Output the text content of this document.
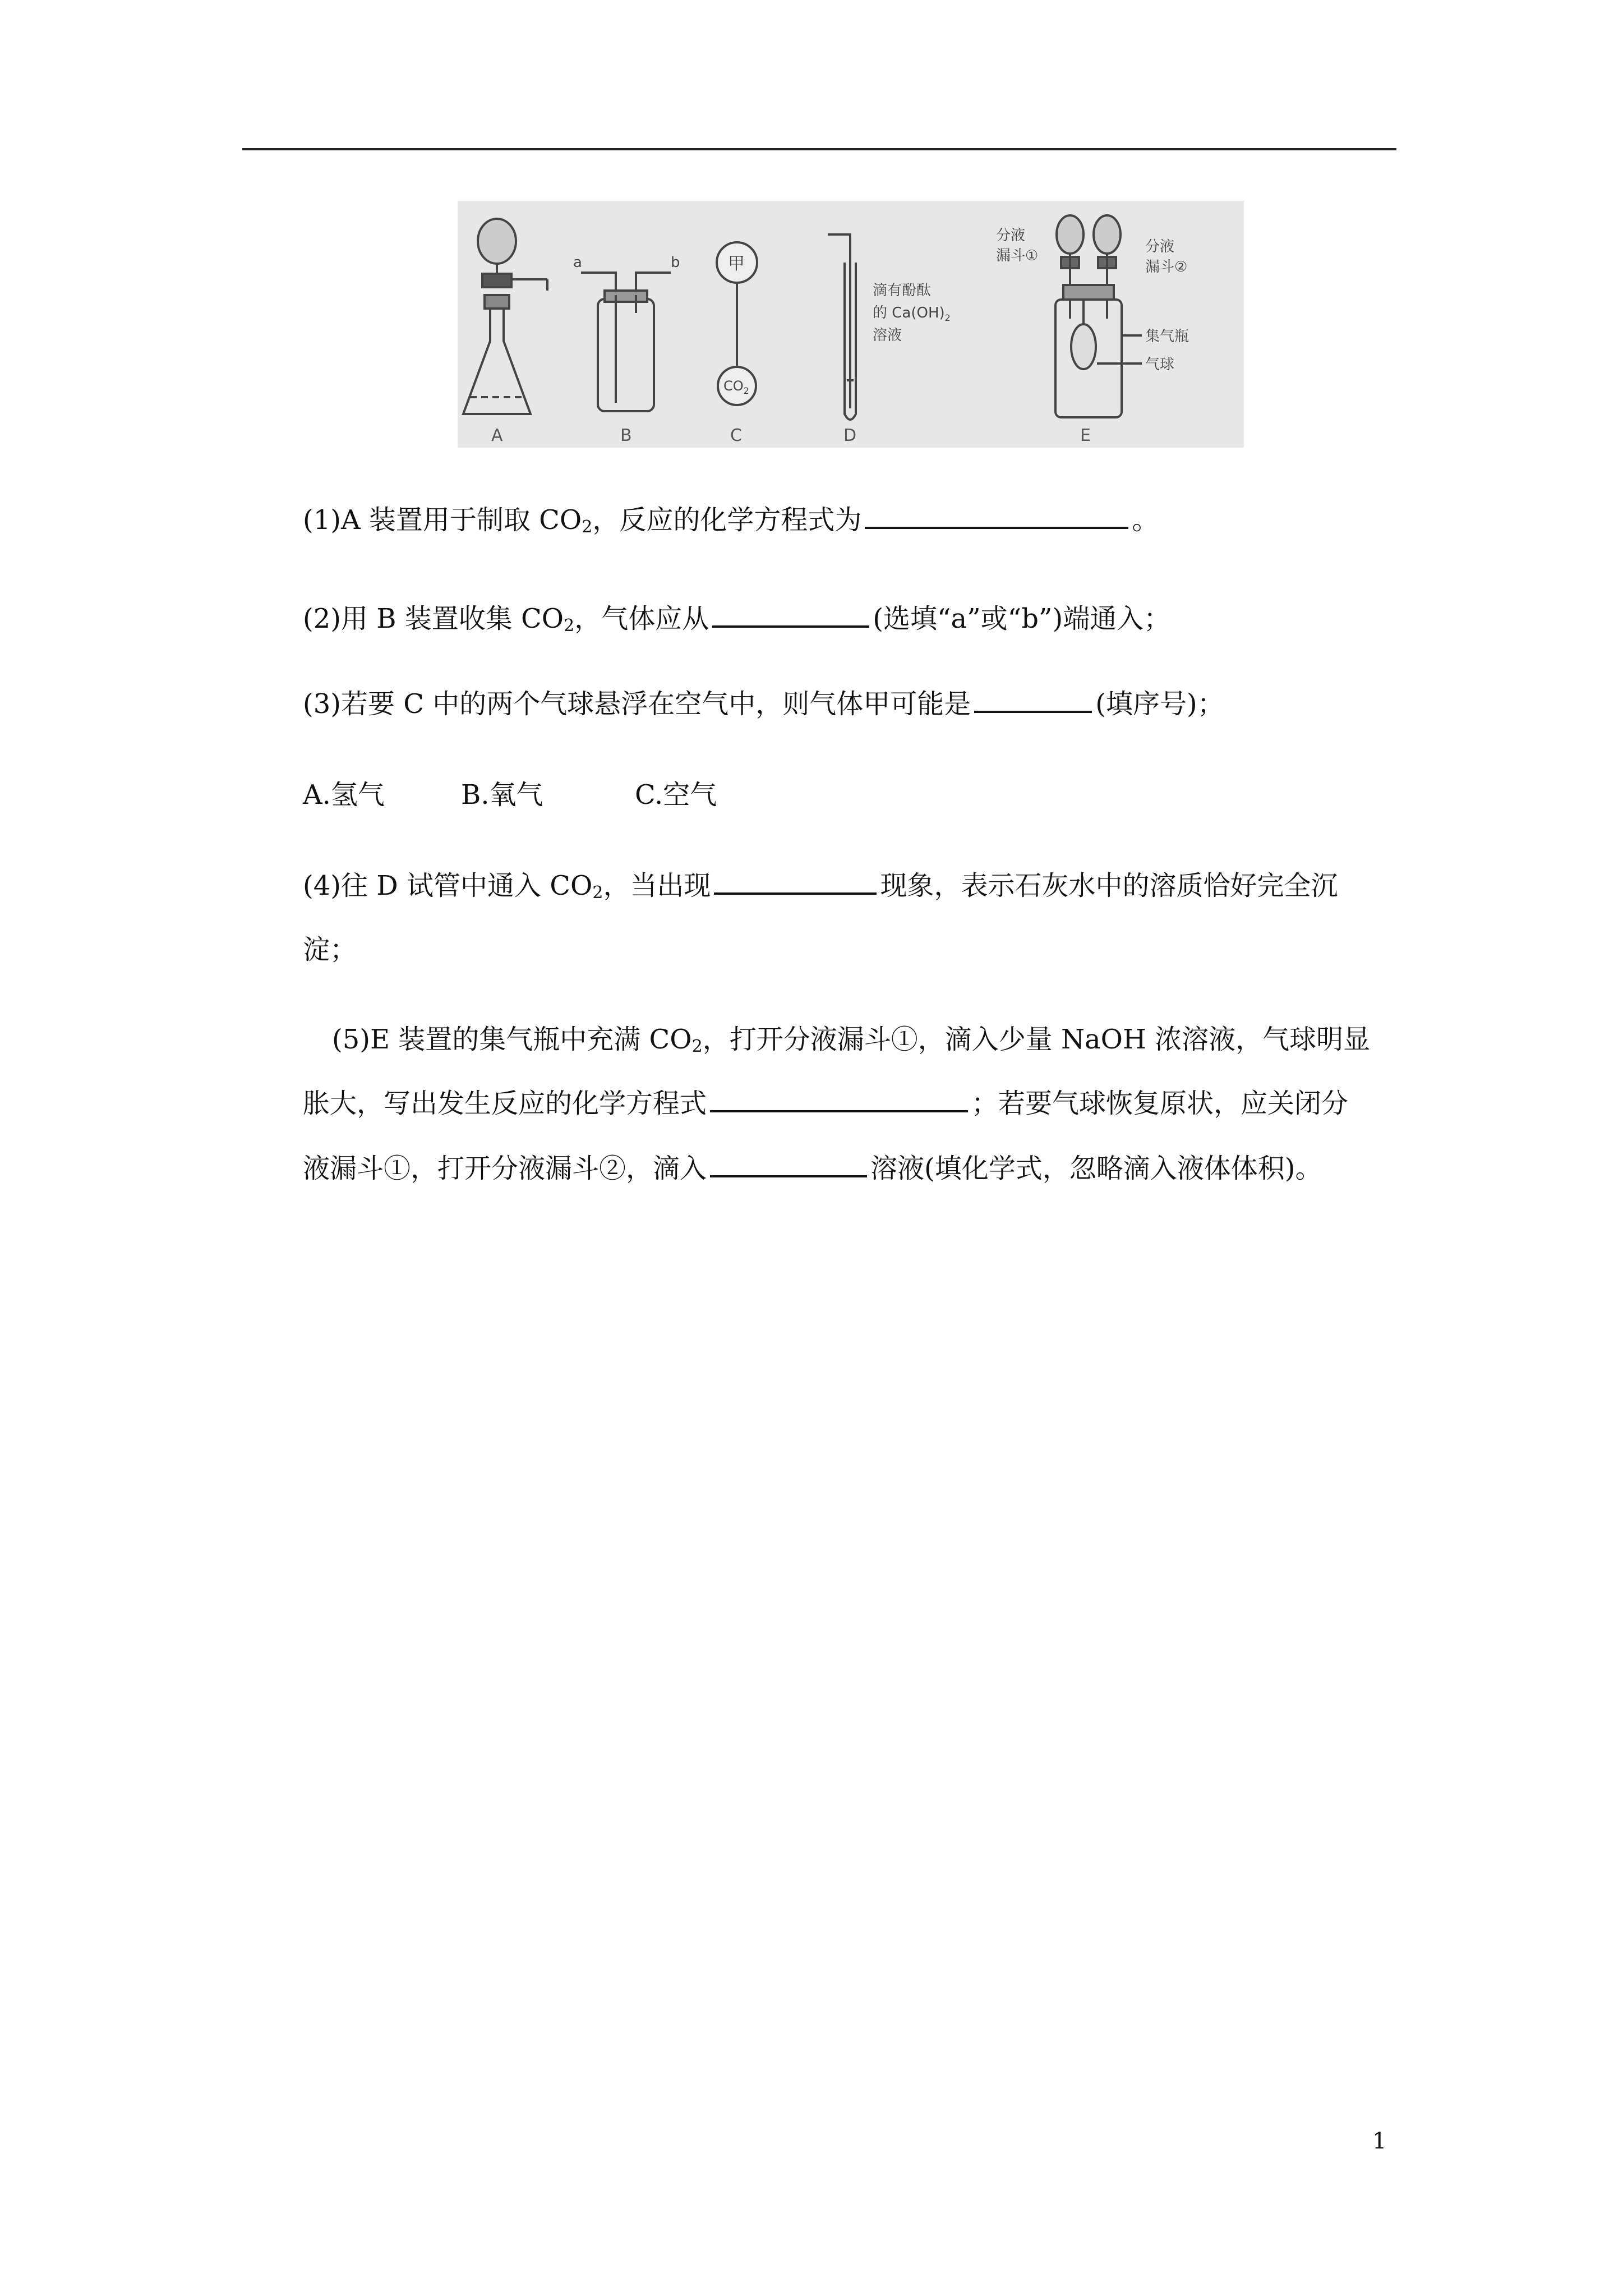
A
a	b
B
甲
$CO_2$
C
滴有酚酞
的 $Ca(OH)_2$
溶液
D
分液
漏斗①
分液
漏斗②
集气瓶
气球
E
(1)A 装置用于制取 $CO_2$，反应的化学方程式为	。
(2)用 B 装置收集 $CO_2$，气体应从	(选填“a”或“b”)端通入；
(3)若要 C 中的两个气球悬浮在空气中，则气体甲可能是	(填序号)；
A.氢气	B.氧气	C.空气
(4)往 D 试管中通入 $CO_2$，当出现	现象，表示石灰水中的溶质恰好完全沉
淀；
(5)E 装置的集气瓶中充满 $CO_2$，打开分液漏斗①，滴入少量 NaOH 浓溶液，气球明显
胀大，写出发生反应的化学方程式	；若要气球恢复原状，应关闭分
液漏斗①，打开分液漏斗②，滴入	溶液(填化学式，忽略滴入液体体积)。
1
